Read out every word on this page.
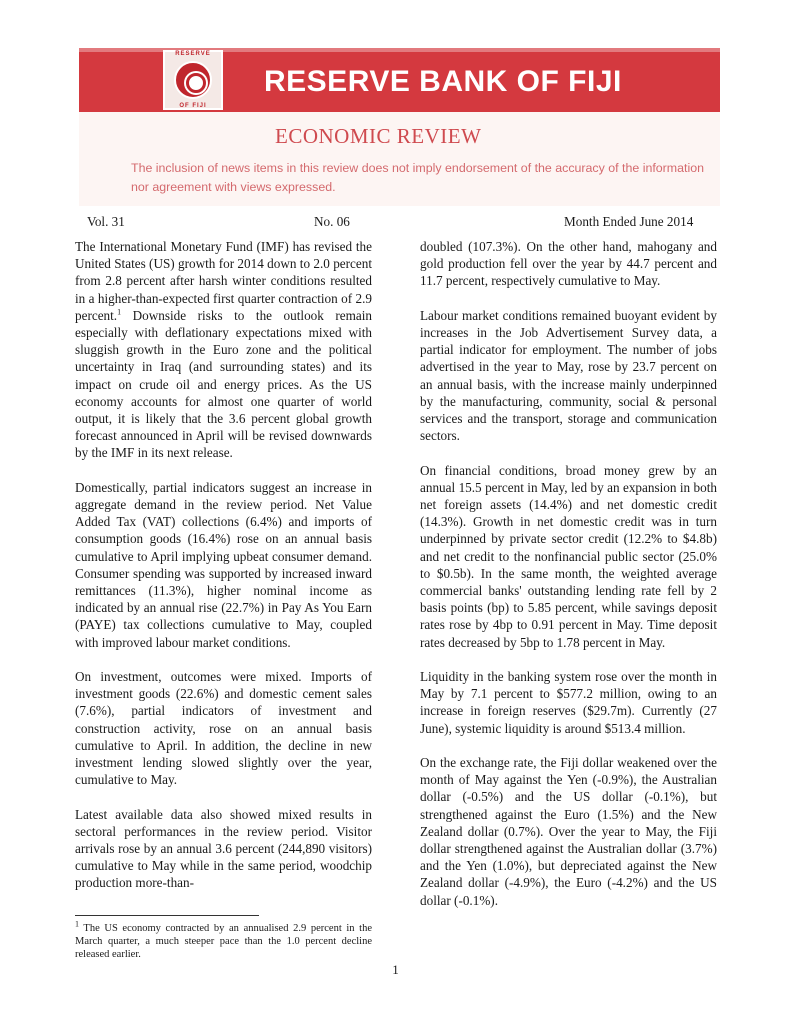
RESERVE
OF FIJI
RESERVE BANK OF FIJI
ECONOMIC REVIEW
The inclusion of news items in this review does not imply endorsement of the accuracy of the information nor agreement with views expressed.
Vol. 31	No. 06	Month Ended June 2014

The International Monetary Fund (IMF) has revised the United States (US) growth for 2014 down to 2.0 percent from 2.8 percent after harsh winter conditions resulted in a higher-than-expected first quarter contraction of 2.9 percent.$^1$ Downside risks to the outlook remain especially with deflationary expectations mixed with sluggish growth in the Euro zone and the political uncertainty in Iraq (and surrounding states) and its impact on crude oil and energy prices. As the US economy accounts for almost one quarter of world output, it is likely that the 3.6 percent global growth forecast announced in April will be revised downwards by the IMF in its next release.

Domestically, partial indicators suggest an increase in aggregate demand in the review period. Net Value Added Tax (VAT) collections (6.4%) and imports of consumption goods (16.4%) rose on an annual basis cumulative to April implying upbeat consumer demand. Consumer spending was supported by increased inward remittances (11.3%), higher nominal income as indicated by an annual rise (22.7%) in Pay As You Earn (PAYE) tax collections cumulative to May, coupled with improved labour market conditions.

On investment, outcomes were mixed. Imports of investment goods (22.6%) and domestic cement sales (7.6%), partial indicators of investment and construction activity, rose on an annual basis cumulative to April. In addition, the decline in new investment lending slowed slightly over the year, cumulative to May.

Latest available data also showed mixed results in sectoral performances in the review period. Visitor arrivals rose by an annual 3.6 percent (244,890 visitors) cumulative to May while in the same period, woodchip production more-than-

doubled (107.3%). On the other hand, mahogany and gold production fell over the year by 44.7 percent and 11.7 percent, respectively cumulative to May.

Labour market conditions remained buoyant evident by increases in the Job Advertisement Survey data, a partial indicator for employment. The number of jobs advertised in the year to May, rose by 23.7 percent on an annual basis, with the increase mainly underpinned by the manufacturing, community, social & personal services and the transport, storage and communication sectors.

On financial conditions, broad money grew by an annual 15.5 percent in May, led by an expansion in both net foreign assets (14.4%) and net domestic credit (14.3%). Growth in net domestic credit was in turn underpinned by private sector credit (12.2% to $4.8b) and net credit to the nonfinancial public sector (25.0% to $0.5b). In the same month, the weighted average commercial banks' outstanding lending rate fell by 2 basis points (bp) to 5.85 percent, while savings deposit rates rose by 4bp to 0.91 percent in May. Time deposit rates decreased by 5bp to 1.78 percent in May.

Liquidity in the banking system rose over the month in May by 7.1 percent to $577.2 million, owing to an increase in foreign reserves ($29.7m). Currently (27 June), systemic liquidity is around $513.4 million.

On the exchange rate, the Fiji dollar weakened over the month of May against the Yen (-0.9%), the Australian dollar (-0.5%) and the US dollar (-0.1%), but strengthened against the Euro (1.5%) and the New Zealand dollar (0.7%). Over the year to May, the Fiji dollar strengthened against the Australian dollar (3.7%) and the Yen (1.0%), but depreciated against the New Zealand dollar (-4.9%), the Euro (-4.2%) and the US dollar (-0.1%).

$^1$ The US economy contracted by an annualised 2.9 percent in the March quarter, a much steeper pace than the 1.0 percent decline released earlier.
1
